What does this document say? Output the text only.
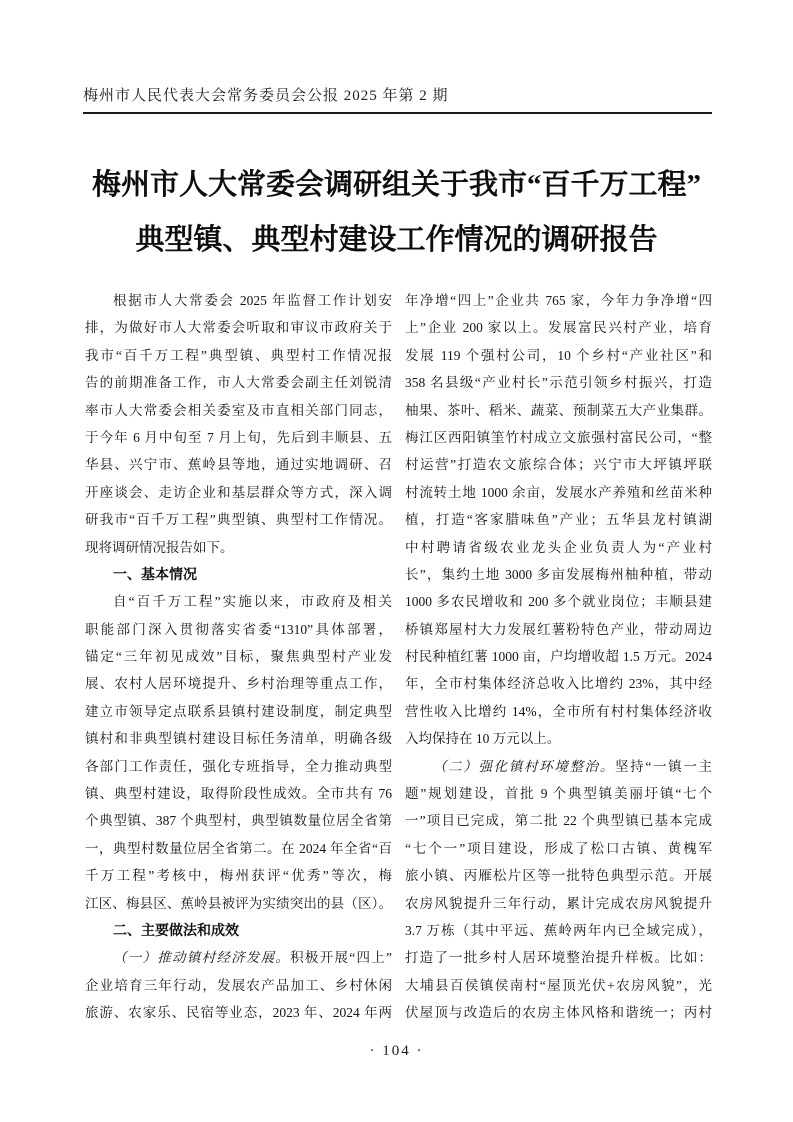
梅州市人民代表大会常务委员会公报 2025 年第 2 期
梅州市人大常委会调研组关于我市“百千万工程”
典型镇、典型村建设工作情况的调研报告
根据市人大常委会 2025 年监督工作计划安
排，为做好市人大常委会听取和审议市政府关于
我市“百千万工程”典型镇、典型村工作情况报
告的前期准备工作，市人大常委会副主任刘锐清
率市人大常委会相关委室及市直相关部门同志，
于今年 6 月中旬至 7 月上旬，先后到丰顺县、五
华县、兴宁市、蕉岭县等地，通过实地调研、召
开座谈会、走访企业和基层群众等方式，深入调
研我市“百千万工程”典型镇、典型村工作情况。
现将调研情况报告如下。
一、基本情况
自“百千万工程”实施以来，市政府及相关
职能部门深入贯彻落实省委“1310”具体部署，
锚定“三年初见成效”目标，聚焦典型村产业发
展、农村人居环境提升、乡村治理等重点工作，
建立市领导定点联系县镇村建设制度，制定典型
镇村和非典型镇村建设目标任务清单，明确各级
各部门工作责任，强化专班指导，全力推动典型
镇、典型村建设，取得阶段性成效。全市共有 76
个典型镇、387 个典型村，典型镇数量位居全省第
一，典型村数量位居全省第二。在 2024 年全省“百
千万工程”考核中，梅州获评“优秀”等次，梅
江区、梅县区、蕉岭县被评为实绩突出的县（区）。
二、主要做法和成效
（一）推动镇村经济发展。积极开展“四上”
企业培育三年行动，发展农产品加工、乡村休闲
旅游、农家乐、民宿等业态，2023 年、2024 年两
年净增“四上”企业共 765 家，今年力争净增“四
上”企业 200 家以上。发展富民兴村产业，培育
发展 119 个强村公司，10 个乡村“产业社区”和
358 名县级“产业村长”示范引领乡村振兴，打造
柚果、茶叶、稻米、蔬菜、预制菜五大产业集群。
梅江区西阳镇筀竹村成立文旅强村富民公司，“整
村运营”打造农文旅综合体；兴宁市大坪镇坪联
村流转土地 1000 余亩，发展水产养殖和丝苗米种
植，打造“客家腊味鱼”产业；五华县龙村镇湖
中村聘请省级农业龙头企业负责人为“产业村
长”，集约土地 3000 多亩发展梅州柚种植，带动
1000 多农民增收和 200 多个就业岗位；丰顺县建
桥镇郑屋村大力发展红薯粉特色产业，带动周边
村民种植红薯 1000 亩，户均增收超 1.5 万元。2024
年，全市村集体经济总收入比增约 23%，其中经
营性收入比增约 14%，全市所有村村集体经济收
入均保持在 10 万元以上。
（二）强化镇村环境整治。坚持“一镇一主
题”规划建设，首批 9 个典型镇美丽圩镇“七个
一”项目已完成，第二批 22 个典型镇已基本完成
“七个一”项目建设，形成了松口古镇、黄槐军
旅小镇、丙雁松片区等一批特色典型示范。开展
农房风貌提升三年行动，累计完成农房风貌提升
3.7 万栋（其中平远、蕉岭两年内已全域完成），
打造了一批乡村人居环境整治提升样板。比如：
大埔县百侯镇侯南村“屋顶光伏+农房风貌”，光
伏屋顶与改造后的农房主体风格和谐统一；丙村
· 104 ·
